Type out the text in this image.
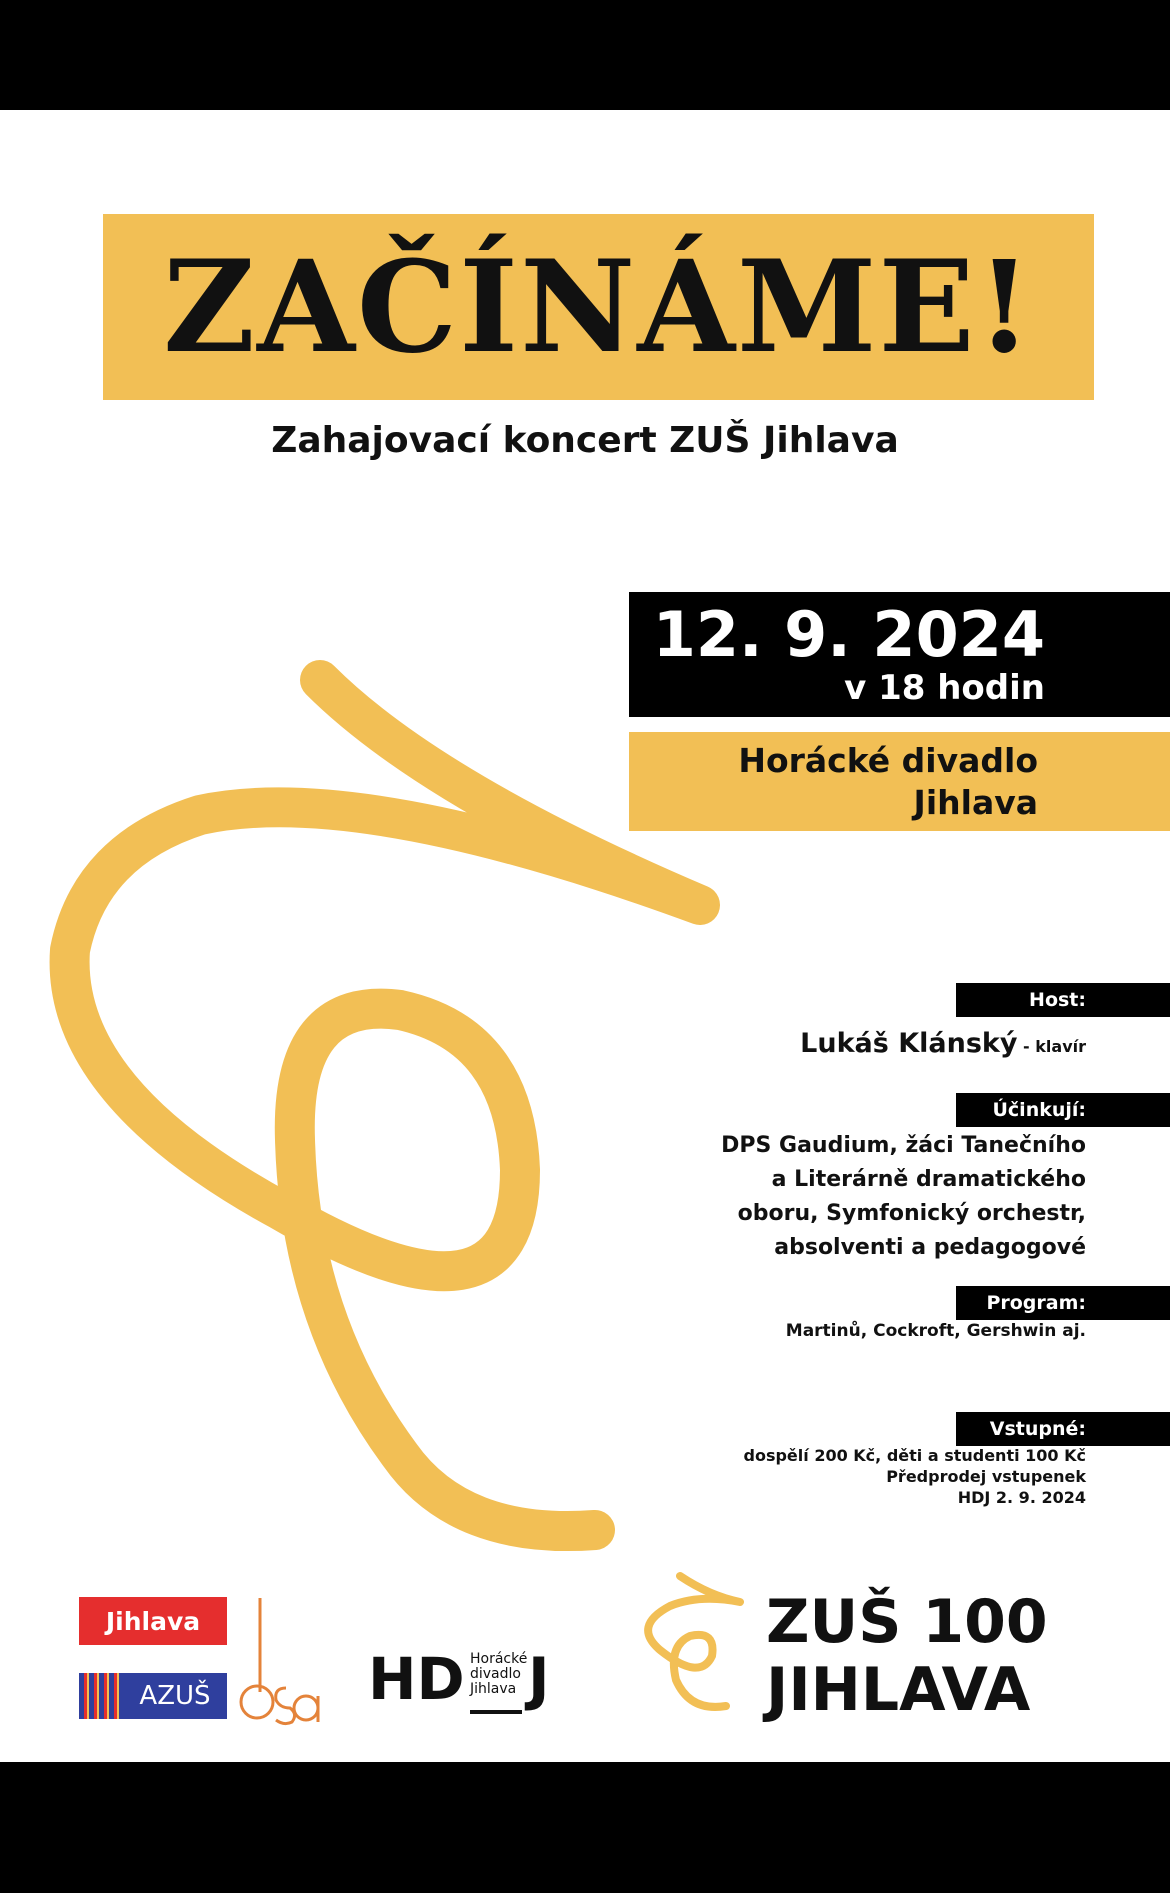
ZAČÍNÁME!
Zahajovací koncert ZUŠ Jihlava
12. 9. 2024
v 18 hodin
Horácké divadlo
Jihlava
Host:
Lukáš Klánský - klavír
Účinkují:
DPS Gaudium, žáci Tanečního
a Literárně dramatického
oboru, Symfonický orchestr,
absolventi a pedagogové
Program:
Martinů, Cockroft, Gershwin aj.
Vstupné:
dospělí 200 Kč, děti a studenti 100 Kč
Předprodej vstupenek
HDJ 2. 9. 2024
Jihlava
AZUŠ	HD Horácké
divadlo
Jihlava J
ZUŠ 100
JIHLAVA
